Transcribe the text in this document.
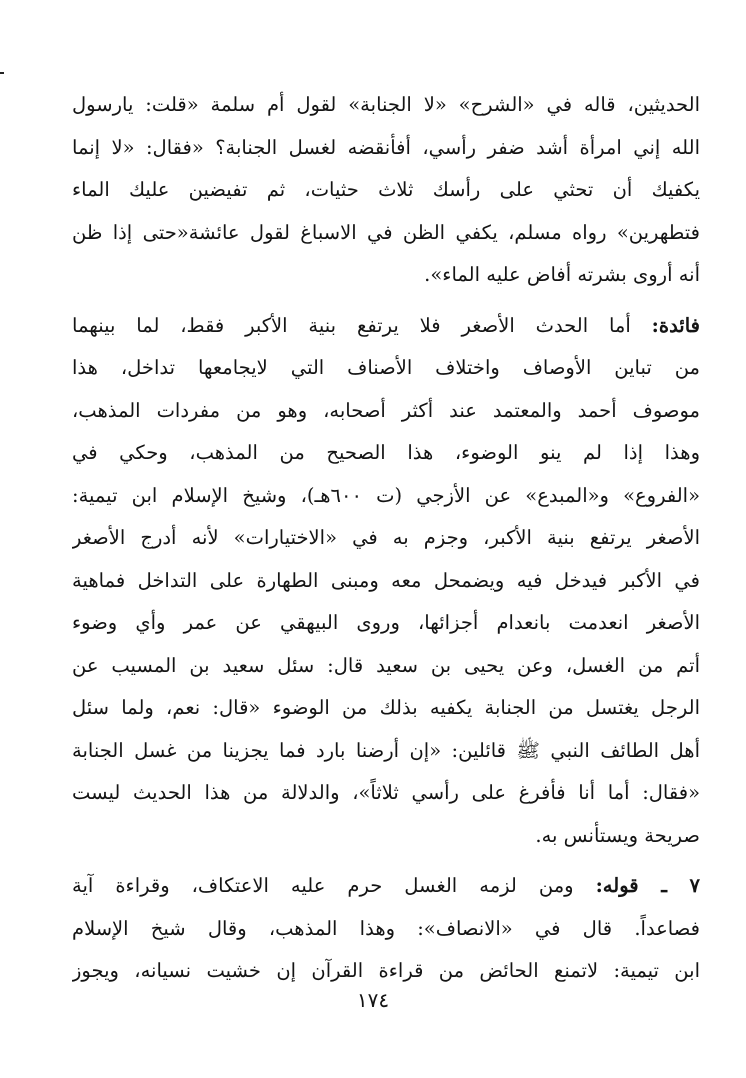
الحديثين، قاله في «الشرح» «لا الجنابة» لقول أم سلمة «قلت: يارسول
الله إني امرأة أشد ضفر رأسي، أفأنقضه لغسل الجنابة؟ «فقال: «لا إنما
يكفيك أن تحثي على رأسك ثلاث حثيات، ثم تفيضين عليك الماء
فتطهرين» رواه مسلم، يكفي الظن في الاسباغ لقول عائشة«حتى إذا ظن
أنه أروى بشرته أفاض عليه الماء».
فائدة: أما الحدث الأصغر فلا يرتفع بنية الأكبر فقط، لما بينهما
من تباين الأوصاف واختلاف الأصناف التي لايجامعها تداخل، هذا
موصوف أحمد والمعتمد عند أكثر أصحابه، وهو من مفردات المذهب،
وهذا إذا لم ينو الوضوء، هذا الصحيح من المذهب، وحكي في
«الفروع» و«المبدع» عن الأزجي (ت ٦٠٠هـ)، وشيخ الإسلام ابن تيمية:
الأصغر يرتفع بنية الأكبر، وجزم به في «الاختيارات» لأنه أدرج الأصغر
في الأكبر فيدخل فيه ويضمحل معه ومبنى الطهارة على التداخل فماهية
الأصغر انعدمت بانعدام أجزائها، وروى البيهقي عن عمر وأي وضوء
أتم من الغسل، وعن يحيى بن سعيد قال: سئل سعيد بن المسيب عن
الرجل يغتسل من الجنابة يكفيه بذلك من الوضوء «قال: نعم، ولما سئل
أهل الطائف النبي ﷺ قائلين: «إن أرضنا بارد فما يجزينا من غسل الجنابة
«فقال: أما أنا فأفرغ على رأسي ثلاثاً»، والدلالة من هذا الحديث ليست
صريحة ويستأنس به.
٧ ـ قوله: ومن لزمه الغسل حرم عليه الاعتكاف، وقراءة آية
فصاعداً. قال في «الانصاف»: وهذا المذهب، وقال شيخ الإسلام
ابن تيمية: لاتمنع الحائض من قراءة القرآن إن خشيت نسيانه، ويجوز
١٧٤
